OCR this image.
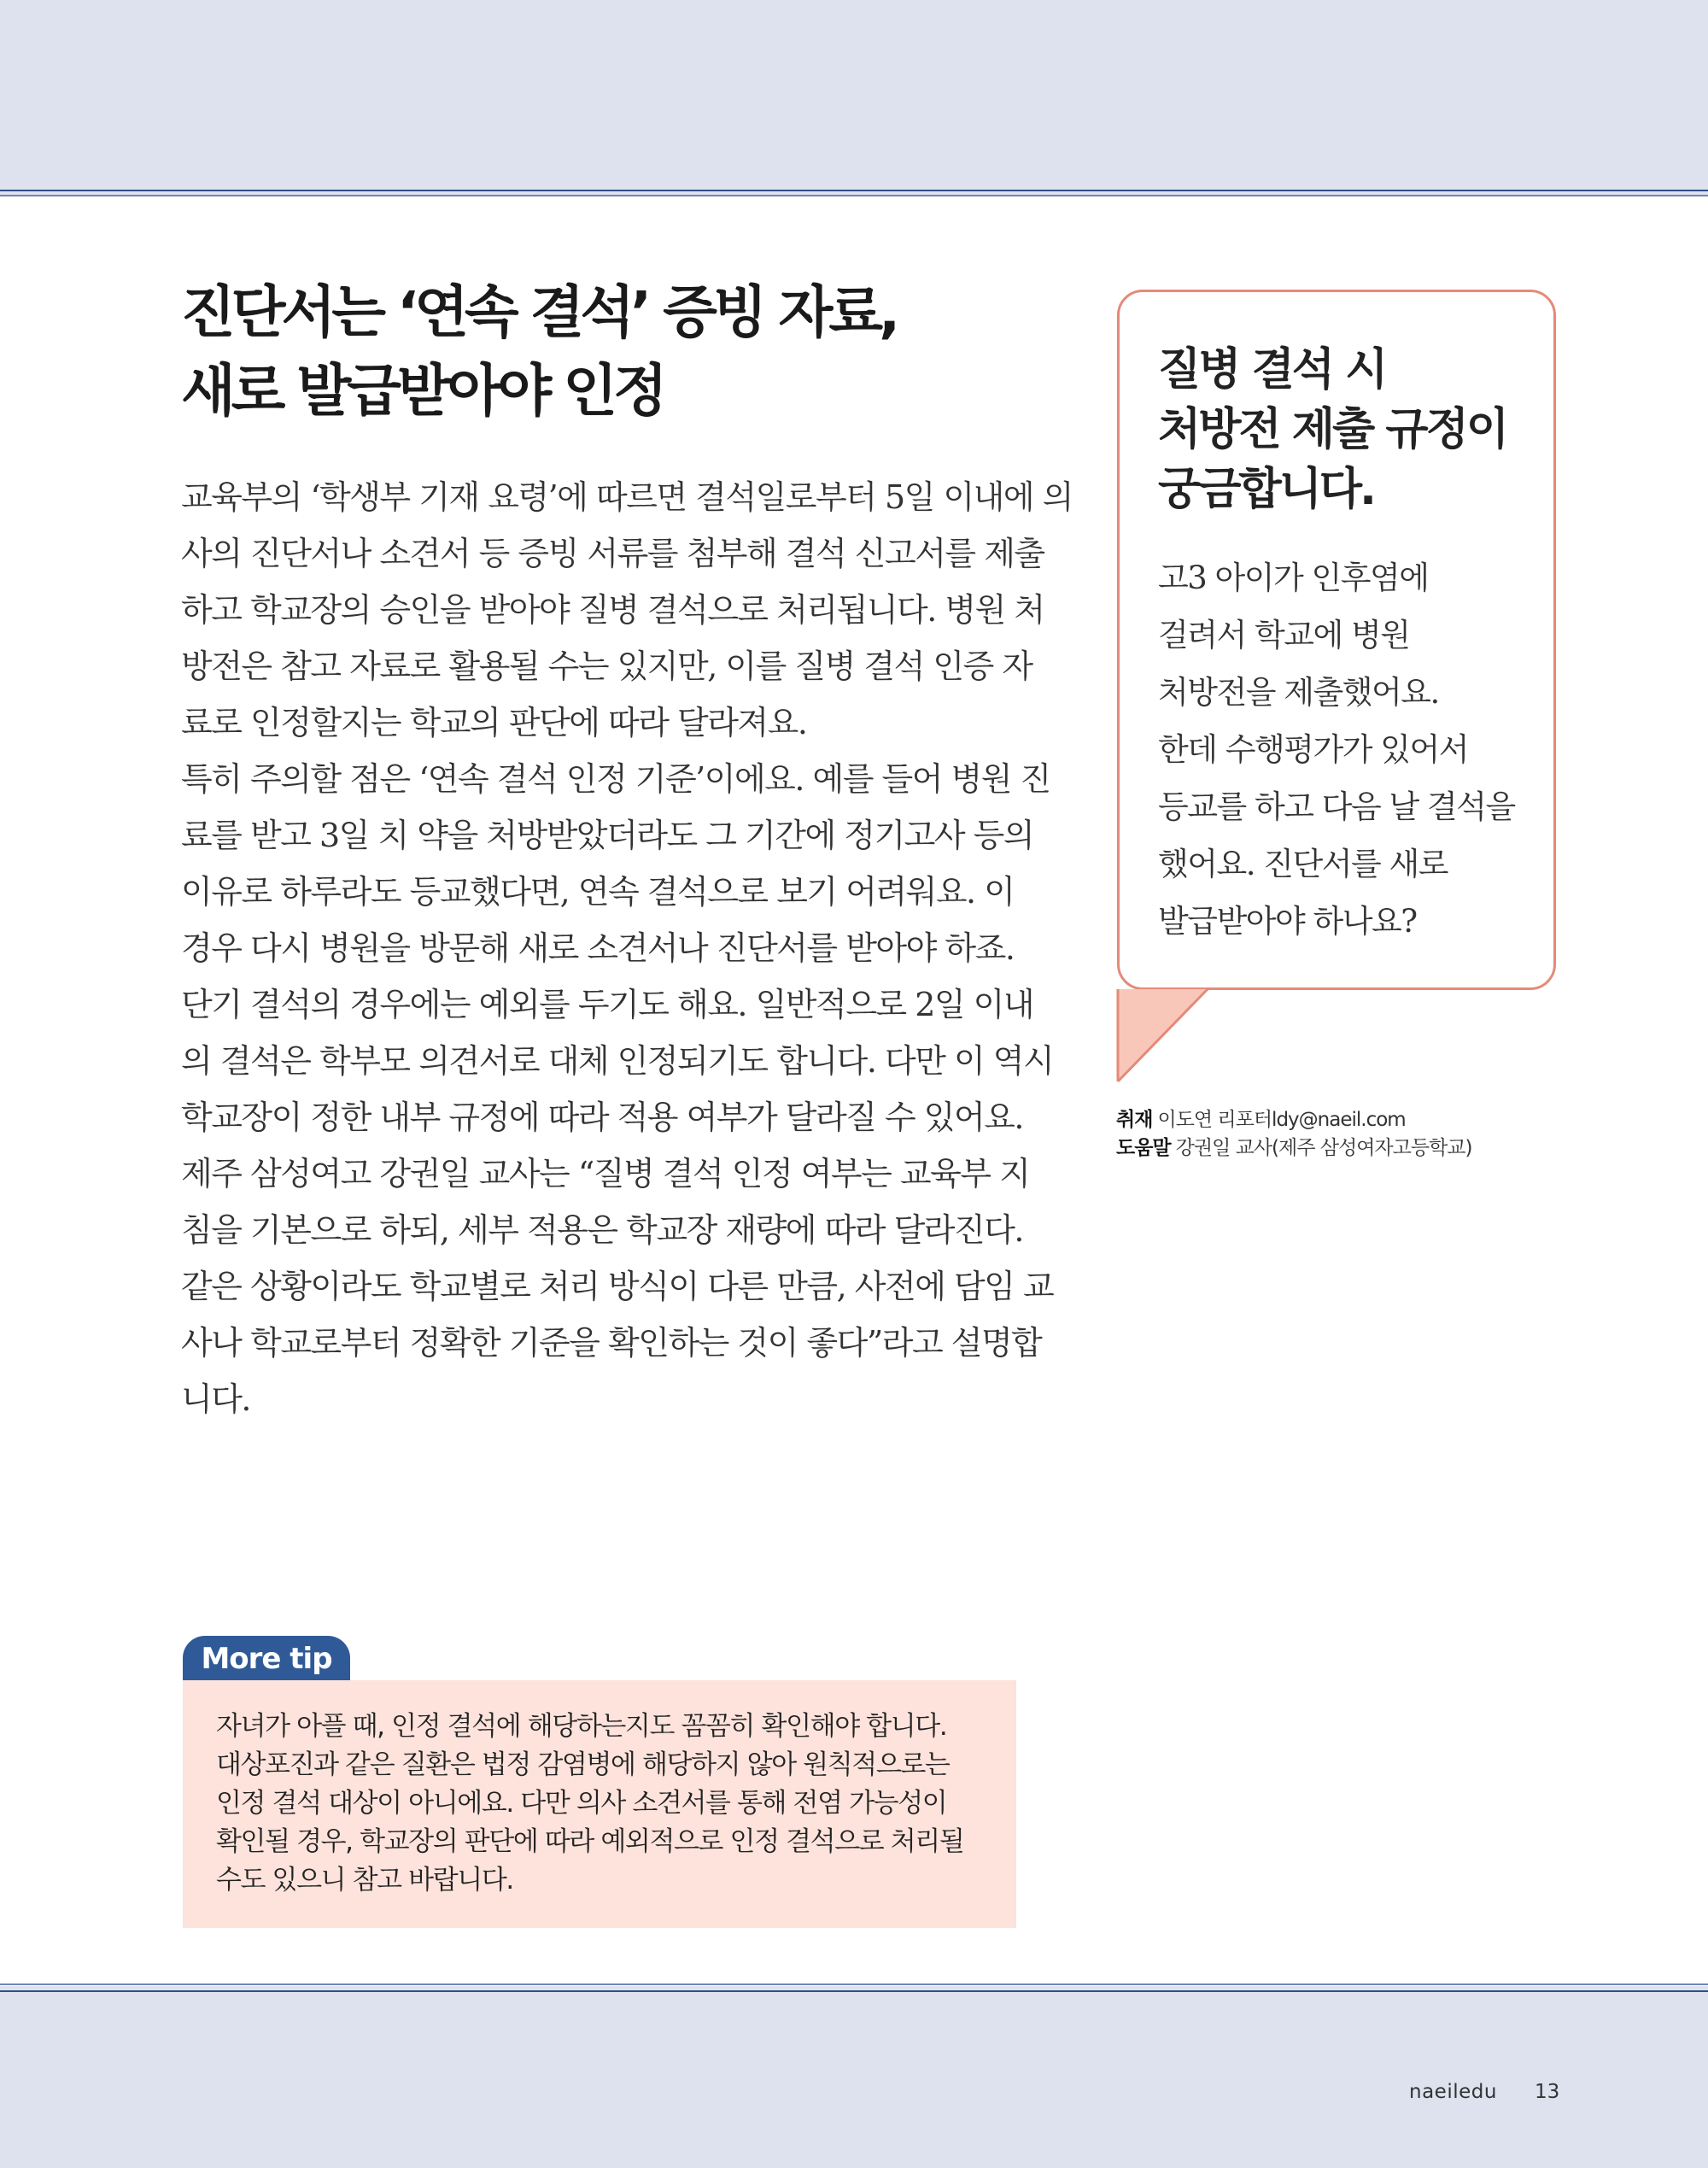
진단서는 ‘연속 결석’ 증빙 자료,
새로 발급받아야 인정
교육부의 ‘학생부 기재 요령’에 따르면 결석일로부터 5일 이내에 의
사의 진단서나 소견서 등 증빙 서류를 첨부해 결석 신고서를 제출
하고 학교장의 승인을 받아야 질병 결석으로 처리됩니다. 병원 처
방전은 참고 자료로 활용될 수는 있지만, 이를 질병 결석 인증 자
료로 인정할지는 학교의 판단에 따라 달라져요.
특히 주의할 점은 ‘연속 결석 인정 기준’이에요. 예를 들어 병원 진
료를 받고 3일 치 약을 처방받았더라도 그 기간에 정기고사 등의
이유로 하루라도 등교했다면, 연속 결석으로 보기 어려워요. 이
경우 다시 병원을 방문해 새로 소견서나 진단서를 받아야 하죠.
단기 결석의 경우에는 예외를 두기도 해요. 일반적으로 2일 이내
의 결석은 학부모 의견서로 대체 인정되기도 합니다. 다만 이 역시
학교장이 정한 내부 규정에 따라 적용 여부가 달라질 수 있어요.
제주 삼성여고 강권일 교사는 “질병 결석 인정 여부는 교육부 지
침을 기본으로 하되, 세부 적용은 학교장 재량에 따라 달라진다.
같은 상황이라도 학교별로 처리 방식이 다른 만큼, 사전에 담임 교
사나 학교로부터 정확한 기준을 확인하는 것이 좋다”라고 설명합
니다.
질병 결석 시
처방전 제출 규정이
궁금합니다.
고3 아이가 인후염에
걸려서 학교에 병원
처방전을 제출했어요.
한데 수행평가가 있어서
등교를 하고 다음 날 결석을
했어요. 진단서를 새로
발급받아야 하나요?
취재 이도연 리포터ldy@naeil.com
도움말 강권일 교사(제주 삼성여자고등학교)
More tip
자녀가 아플 때, 인정 결석에 해당하는지도 꼼꼼히 확인해야 합니다.
대상포진과 같은 질환은 법정 감염병에 해당하지 않아 원칙적으로는
인정 결석 대상이 아니에요. 다만 의사 소견서를 통해 전염 가능성이
확인될 경우, 학교장의 판단에 따라 예외적으로 인정 결석으로 처리될
수도 있으니 참고 바랍니다.
naeiledu 13
